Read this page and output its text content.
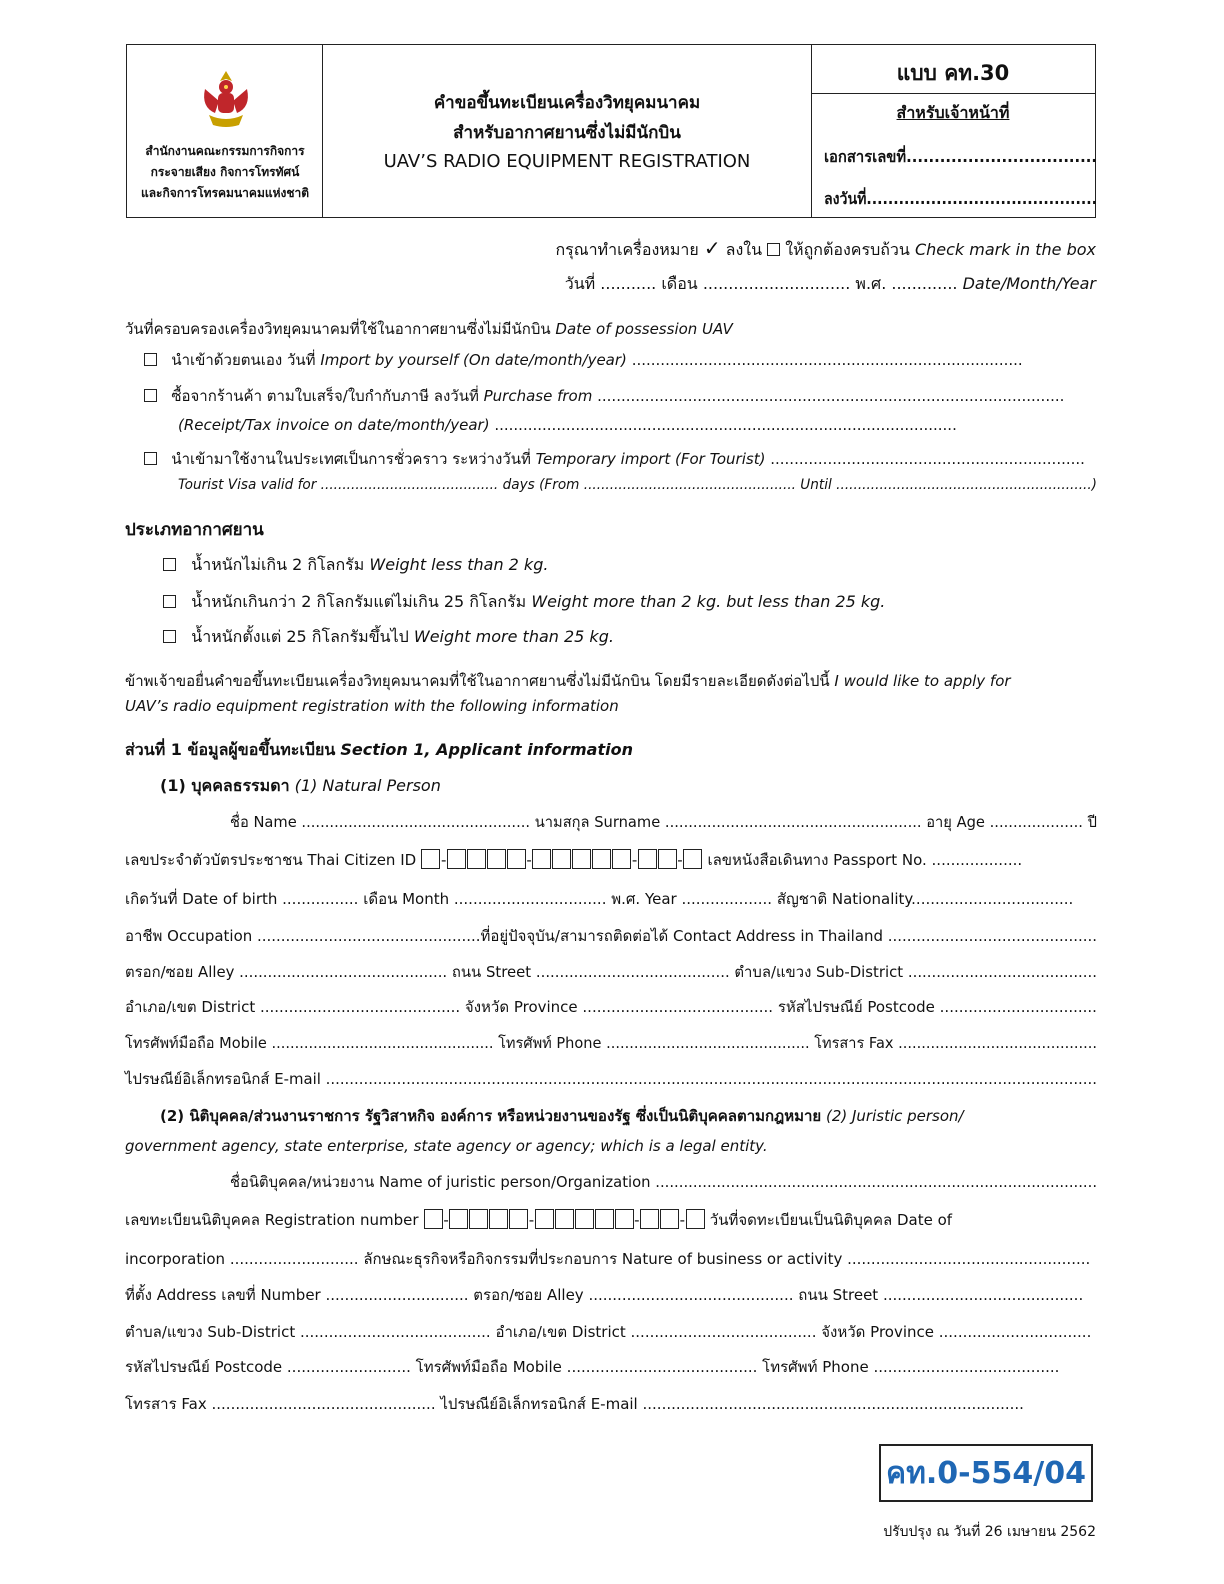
สำนักงานคณะกรรมการกิจการ
กระจายเสียง กิจการโทรทัศน์
และกิจการโทรคมนาคมแห่งชาติ
คำขอขึ้นทะเบียนเครื่องวิทยุคมนาคม
สำหรับอากาศยานซึ่งไม่มีนักบิน
UAV’S RADIO EQUIPMENT REGISTRATION
แบบ คท.30
สำหรับเจ้าหน้าที่
เอกสารเลขที่..................................
ลงวันที่...........................................
กรุณาทำเครื่องหมาย ✓ ลงใน ให้ถูกต้องครบถ้วน Check mark in the box
วันที่ ........... เดือน ............................. พ.ศ. ............. Date/Month/Year
วันที่ครอบครองเครื่องวิทยุคมนาคมที่ใช้ในอากาศยานซึ่งไม่มีนักบิน Date of possession UAV
นำเข้าด้วยตนเอง วันที่ Import by yourself (On date/month/year) ..................................................................................
ซื้อจากร้านค้า ตามใบเสร็จ/ใบกำกับภาษี ลงวันที่ Purchase from ..................................................................................................
(Receipt/Tax invoice on date/month/year) .................................................................................................
นำเข้ามาใช้งานในประเทศเป็นการชั่วคราว ระหว่างวันที่ Temporary import (For Tourist) ..................................................................
Tourist Visa valid for ......................................... days (From ................................................. Until ...........................................................)
ประเภทอากาศยาน
น้ำหนักไม่เกิน 2 กิโลกรัม Weight less than 2 kg.
น้ำหนักเกินกว่า 2 กิโลกรัมแต่ไม่เกิน 25 กิโลกรัม Weight more than 2 kg. but less than 25 kg.
น้ำหนักตั้งแต่ 25 กิโลกรัมขึ้นไป Weight more than 25 kg.
ข้าพเจ้าขอยื่นคำขอขึ้นทะเบียนเครื่องวิทยุคมนาคมที่ใช้ในอากาศยานซึ่งไม่มีนักบิน โดยมีรายละเอียดดังต่อไปนี้ I would like to apply for
UAV’s radio equipment registration with the following information
ส่วนที่ 1 ข้อมูลผู้ขอขึ้นทะเบียน Section 1, Applicant information
(1) บุคคลธรรมดา (1) Natural Person
ชื่อ Name ................................................. นามสกุล Surname ....................................................... อายุ Age .................... ปี
เลขประจำตัวบัตรประชาชน Thai Citizen ID -	-	-	- เลขหนังสือเดินทาง Passport No. ...................
เกิดวันที่ Date of birth ................ เดือน Month ................................ พ.ศ. Year ................... สัญชาติ Nationality..................................
อาชีพ Occupation ...............................................ที่อยู่ปัจจุบัน/สามารถติดต่อได้ Contact Address in Thailand ............................................
ตรอก/ซอย Alley ............................................ ถนน Street ......................................... ตำบล/แขวง Sub-District ........................................
อำเภอ/เขต District .......................................... จังหวัด Province ........................................ รหัสไปรษณีย์ Postcode .................................
โทรศัพท์มือถือ Mobile ................................................ โทรศัพท์ Phone ............................................ โทรสาร Fax ...........................................
ไปรษณีย์อิเล็กทรอนิกส์ E-mail ...................................................................................................................................................................
(2) นิติบุคคล/ส่วนงานราชการ รัฐวิสาหกิจ องค์การ หรือหน่วยงานของรัฐ ซึ่งเป็นนิติบุคคลตามกฎหมาย (2) Juristic person/
government agency, state enterprise, state agency or agency; which is a legal entity.
ชื่อนิติบุคคล/หน่วยงาน Name of juristic person/Organization ..............................................................................................
เลขทะเบียนนิติบุคคล Registration number -	-	-	- วันที่จดทะเบียนเป็นนิติบุคคล Date of
incorporation ........................... ลักษณะธุรกิจหรือกิจกรรมที่ประกอบการ Nature of business or activity ...................................................
ที่ตั้ง Address เลขที่ Number .............................. ตรอก/ซอย Alley ........................................... ถนน Street ..........................................
ตำบล/แขวง Sub-District ........................................ อำเภอ/เขต District ....................................... จังหวัด Province ................................
รหัสไปรษณีย์ Postcode .......................... โทรศัพท์มือถือ Mobile ........................................ โทรศัพท์ Phone .......................................
โทรสาร Fax ............................................... ไปรษณีย์อิเล็กทรอนิกส์ E-mail ................................................................................
คท.0-554/04
ปรับปรุง ณ วันที่ 26 เมษายน 2562
